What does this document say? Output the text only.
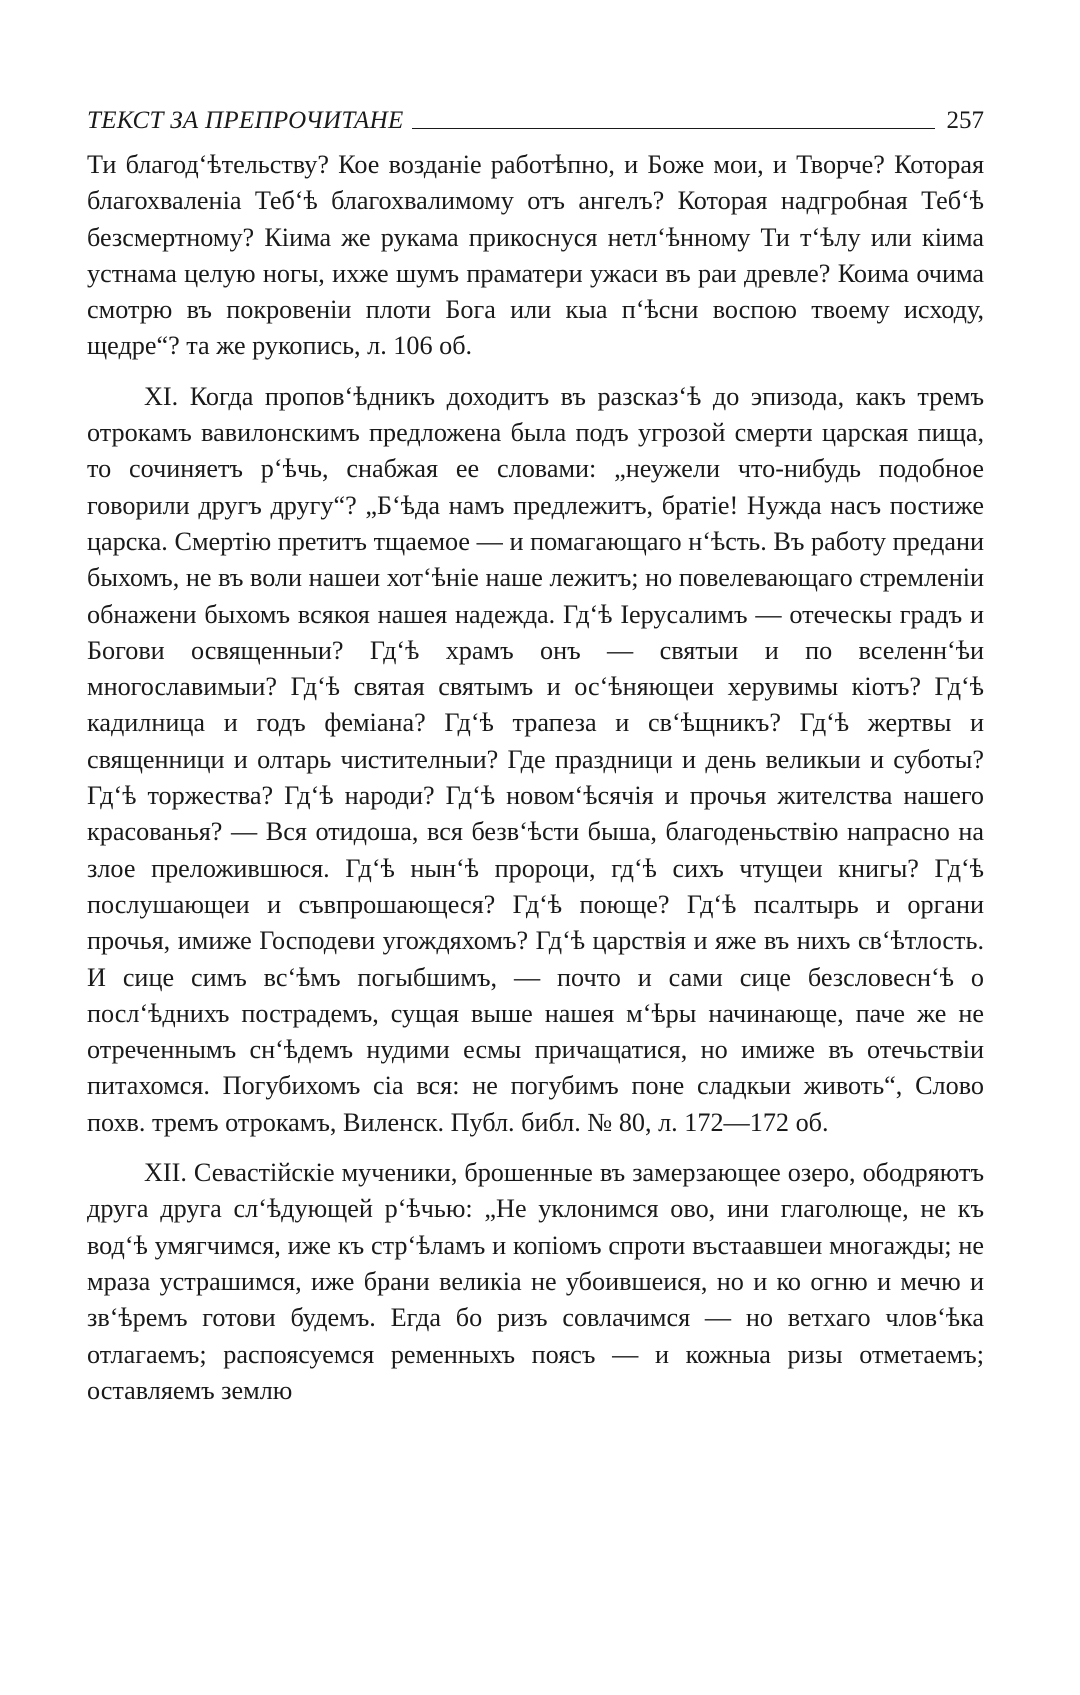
ТЕКСТ ЗА ПРЕПРОЧИТАНЕ	257

Ти благод‘ѣтельству? Кое возданіе работѣпно, и Боже мои, и Творче? Которая благохваленіа Теб‘ѣ благохвалимому отъ ангелъ? Которая надгробная Теб‘ѣ безсмертному? Кіима же рукама прикоснуся нетл‘ѣнному Ти т‘ѣлу или кіима устнама целую ногы, ихже шумъ праматери ужаси въ раи древле? Коима очима смотрю въ покровеніи плоти Бога или кыа п‘ѣсни воспою твоему исходу, щедре“? та же рукопись, л. 106 об.

XI. Когда пропов‘ѣдникъ доходитъ въ разсказ‘ѣ до эпизода, какъ тремъ отрокамъ вавилонскимъ предложена была подъ угрозой смерти царская пища, то сочиняетъ р‘ѣчь, снабжая ее словами: „неужели что-нибудь подобное говорили другъ другу“? „Б‘ѣда намъ предлежитъ, братіе! Нужда насъ постиже царска. Смертію претитъ тщаемое — и помагающаго н‘ѣсть. Въ работу предани быхомъ, не въ воли нашеи хот‘ѣніе наше лежитъ; но повелевающаго стремленіи обнажени быхомъ всякоя нашея надежда. Гд‘ѣ Іерусалимъ — отеческы градъ и Богови освященныи? Гд‘ѣ храмъ онъ — святыи и по вселенн‘ѣи многославимыи? Гд‘ѣ святая святымъ и ос‘ѣняющеи херувимы кіотъ? Гд‘ѣ кадилница и годъ феміана? Гд‘ѣ трапеза и св‘ѣщникъ? Гд‘ѣ жертвы и священници и олтарь чистителныи? Где праздници и день великыи и суботы? Гд‘ѣ торжества? Гд‘ѣ народи? Гд‘ѣ новом‘ѣсячія и прочья жителства нашего красованья? — Вся отидоша, вся безв‘ѣсти быша, благоденьствію напрасно на злое преложившюся. Гд‘ѣ нын‘ѣ пророци, гд‘ѣ сихъ чтущеи книгы? Гд‘ѣ послушающеи и съвпрошающеся? Гд‘ѣ поюще? Гд‘ѣ псалтырь и органи прочья, имиже Господеви угождяхомъ? Гд‘ѣ царствія и яже въ нихъ св‘ѣтлость. И сице симъ вс‘ѣмъ погыбшимъ, — почто и сами сице безсловесн‘ѣ о посл‘ѣднихъ пострадемъ, сущая выше нашея м‘ѣры начинающе, паче же не отреченнымъ сн‘ѣдемъ нудими есмы причащатися, но имиже въ отечьствіи питахомся. Погубихомъ сіа вся: не погубимъ поне сладкыи животь“, Слово похв. тремъ отрокамъ, Виленск. Публ. библ. № 80, л. 172—172 об.

XII. Севастійскіе мученики, брошенные въ замерзающее озеро, ободряютъ друга друга сл‘ѣдующей р‘ѣчью: „Не уклонимся ово, ини глаголюще, не къ вод‘ѣ умягчимся, иже къ стр‘ѣламъ и копіомъ спроти въстаавшеи многажды; не мраза устрашимся, иже брани великіа не убоившеися, но и ко огню и мечю и зв‘ѣремъ готови будемъ. Егда бо ризъ совлачимся — но ветхаго члов‘ѣка отлагаемъ; распоясуемся ременныхъ поясъ — и кожныа ризы отметаемъ; оставляемъ землю
